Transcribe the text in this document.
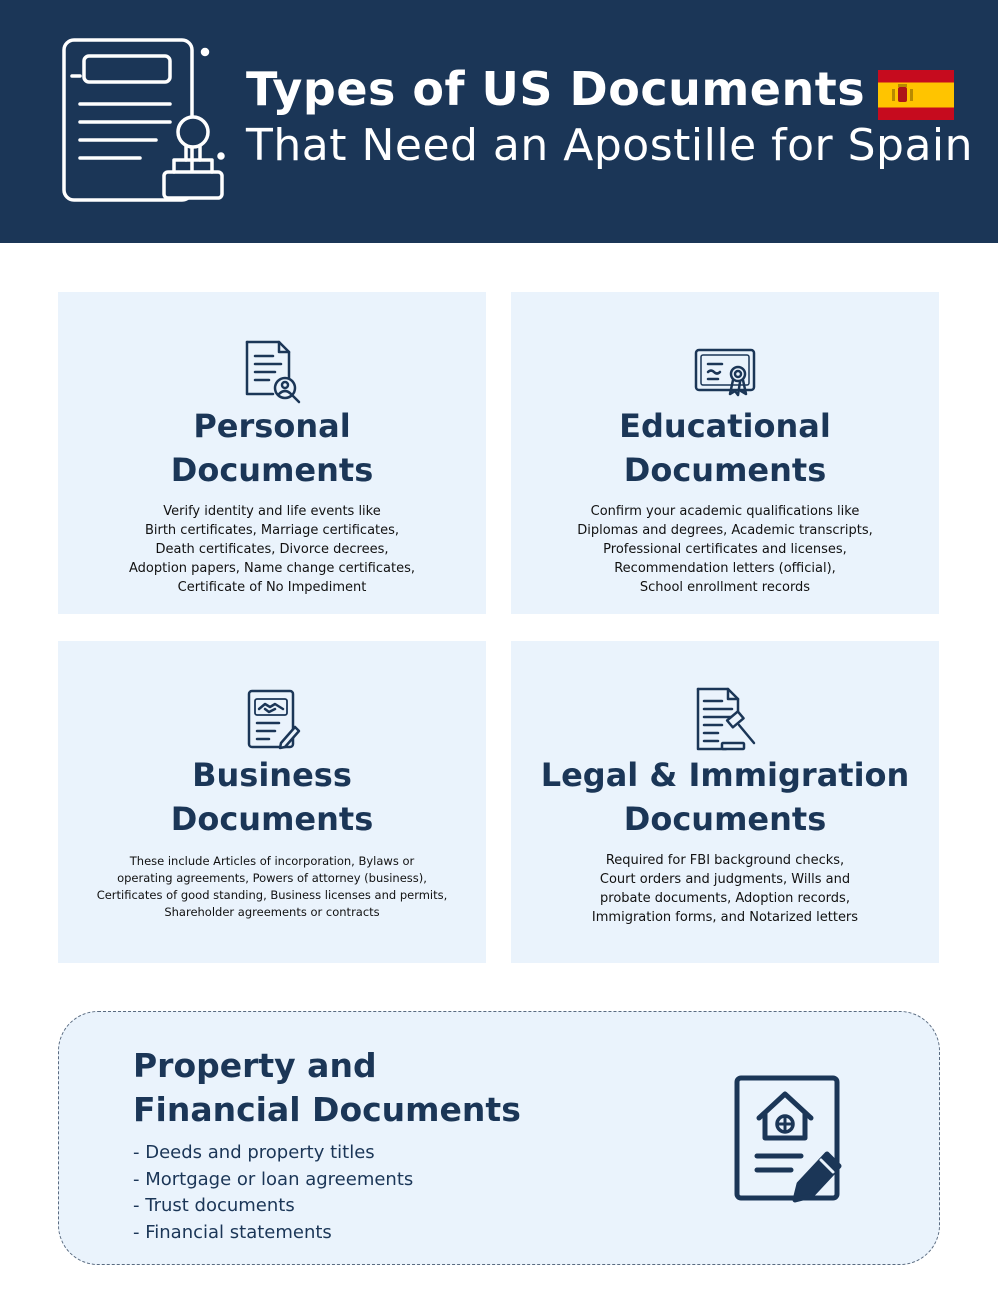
Types of US Documents
That Need an Apostille for Spain
Personal
Documents
Verify identity and life events like
Birth certificates, Marriage certificates,
Death certificates, Divorce decrees,
Adoption papers, Name change certificates,
Certificate of No Impediment
Educational
Documents
Confirm your academic qualifications like
Diplomas and degrees, Academic transcripts,
Professional certificates and licenses,
Recommendation letters (official),
School enrollment records
Business
Documents
These include Articles of incorporation, Bylaws or
operating agreements, Powers of attorney (business),
Certificates of good standing, Business licenses and permits,
Shareholder agreements or contracts
Legal & Immigration
Documents
Required for FBI background checks,
Court orders and judgments, Wills and
probate documents, Adoption records,
Immigration forms, and Notarized letters
Property and
Financial Documents
- Deeds and property titles
- Mortgage or loan agreements
- Trust documents
- Financial statements
